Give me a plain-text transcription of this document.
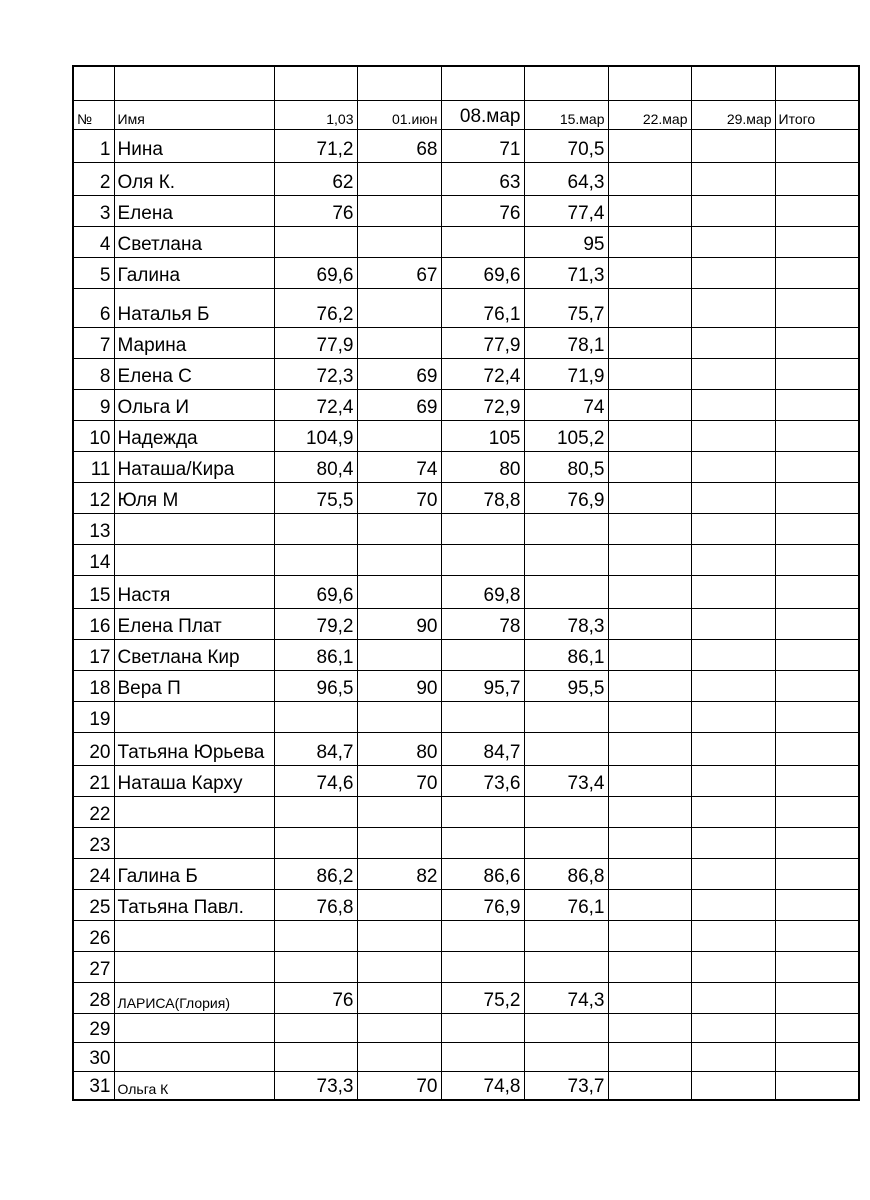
№	Имя	1,03	01.июн	08.мар	15.мар	22.мар	29.мар	Итого
1	Нина	71,2	68	71	70,5			
2	Оля К.	62		63	64,3			
3	Елена	76		76	77,4			
4	Светлана				95			
5	Галина	69,6	67	69,6	71,3			
6	Наталья Б	76,2		76,1	75,7			
7	Марина	77,9		77,9	78,1			
8	Елена С	72,3	69	72,4	71,9			
9	Ольга И	72,4	69	72,9	74			
10	Надежда	104,9		105	105,2			
11	Наташа/Кира	80,4	74	80	80,5			
12	Юля М	75,5	70	78,8	76,9			
13								
14								
15	Настя	69,6		69,8				
16	Елена Плат	79,2	90	78	78,3			
17	Светлана Кир	86,1			86,1			
18	Вера П	96,5	90	95,7	95,5			
19								
20	Татьяна Юрьева	84,7	80	84,7				
21	Наташа Карху	74,6	70	73,6	73,4			
22								
23								
24	Галина Б	86,2	82	86,6	86,8			
25	Татьяна Павл.	76,8		76,9	76,1			
26								
27								
28	ЛАРИСА(Глория)	76		75,2	74,3			
29								
30								
31	Ольга К	73,3	70	74,8	73,7			
